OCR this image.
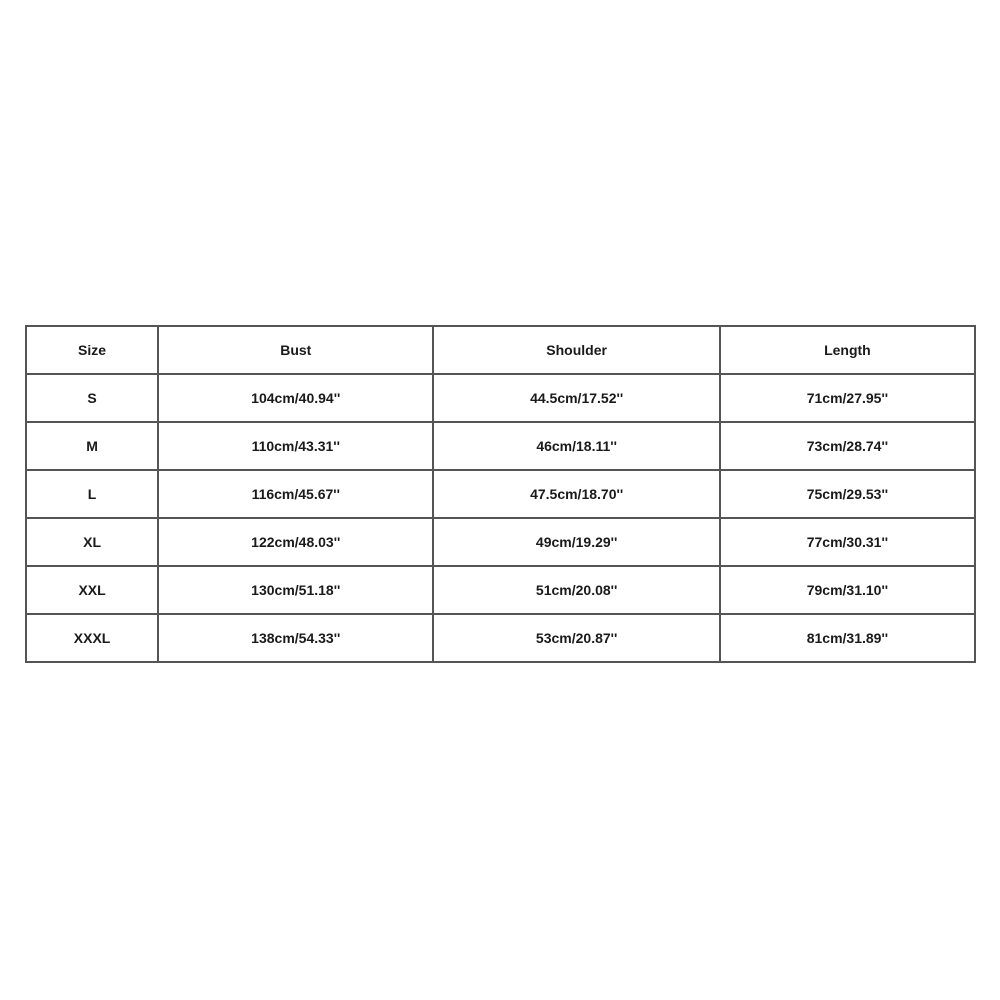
Size	Bust	Shoulder	Length
S	104cm/40.94''	44.5cm/17.52''	71cm/27.95''
M	110cm/43.31''	46cm/18.11''	73cm/28.74''
L	116cm/45.67''	47.5cm/18.70''	75cm/29.53''
XL	122cm/48.03''	49cm/19.29''	77cm/30.31''
XXL	130cm/51.18''	51cm/20.08''	79cm/31.10''
XXXL	138cm/54.33''	53cm/20.87''	81cm/31.89''
